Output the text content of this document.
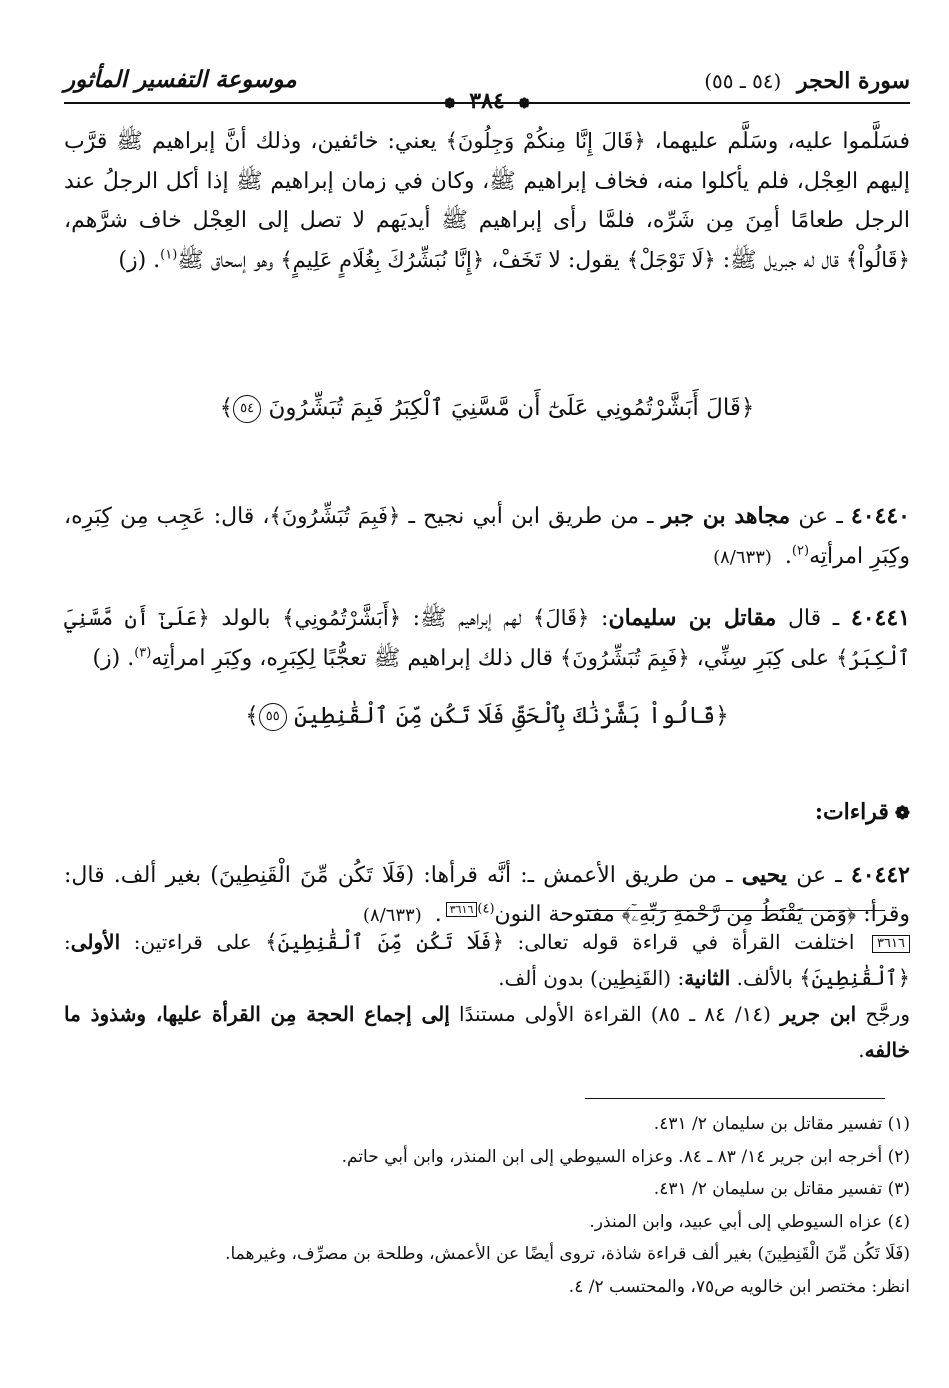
سورة الحجر (٥٤ ـ ٥٥)
❁ ٣٨٤ ❁
موسوعة التفسير المأثور

فسَلَّموا عليه، وسَلَّم عليهما، ﴿قَالَ إِنَّا مِنكُمْ وَجِلُونَ﴾ يعني: خائفين، وذلك أنَّ إبراهيم ﷺ قرَّب إليهم العِجْل، فلم يأكلوا منه، فخاف إبراهيم ﷺ، وكان في زمان إبراهيم ﷺ إذا أكل الرجلُ عند الرجل طعامًا أمِنَ مِن شَرِّه، فلمَّا رأى إبراهيم ﷺ أيديَهم لا تصل إلى العِجْل خاف شرَّهم، ﴿قَالُواْ﴾ قال له جبريل ﷺ: ﴿لَا تَوْجَلْ﴾ يقول: لا تَخَفْ، ﴿إِنَّا نُبَشِّرُكَ بِغُلَامٍ عَلِيمٍ﴾ وهو إسحاق ﷺ$^{(١)}$. (ز)

﴿قَالَ أَبَشَّرْتُمُونِي عَلَىٰٓ أَن مَّسَّنِيَ ٱلْكِبَرُ فَبِمَ تُبَشِّرُونَ ٥٤﴾

٤٠٤٤٠ ـ عن مجاهد بن جبر ـ من طريق ابن أبي نجيح ـ ﴿فَبِمَ تُبَشِّرُونَ﴾، قال: عَجِب مِن كِبَرِه، وكِبَرِ امرأتِه$^{(٢)}$. (٨/٦٣٣)

٤٠٤٤١ ـ قال مقاتل بن سليمان: ﴿قَالَ﴾ لهم إبراهيم ﷺ: ﴿أَبَشَّرْتُمُونِي﴾ بالولد ﴿عَلَىٰٓ أَن مَّسَّنِيَ ٱلْكِبَرُ﴾ على كِبَرِ سِنِّي، ﴿فَبِمَ تُبَشِّرُونَ﴾ قال ذلك إبراهيم ﷺ تعجُّبًا لِكِبَرِه، وكِبَرِ امرأتِه$^{(٣)}$. (ز)

﴿قَالُواْ بَشَّرْنَٰكَ بِٱلْحَقِّ فَلَا تَكُن مِّنَ ٱلْقَٰنِطِينَ ٥٥﴾

❁قراءات:

٤٠٤٤٢ ـ عن يحيى ـ من طريق الأعمش ـ: أنَّه قرأها: (فَلَا تَكُن مِّنَ الْقَنِطِينَ) بغير ألف. قال: وقرأ: ﴿وَمَن يَقْنَطُ مِن رَّحْمَةِ رَبِّهِۦٓ﴾ مفتوحة النون$^{(٤)}$٣٦١٦. (٨/٦٣٣)

٣٦١٦ اختلفت القرأة في قراءة قوله تعالى: ﴿فَلَا تَكُن مِّنَ ٱلْقَٰنِطِينَ﴾ على قراءتين: الأولى: ﴿ٱلْقَٰنِطِينَ﴾ بالألف. الثانية: (القَنِطِين) بدون ألف.

ورجَّح ابن جرير (١٤/ ٨٤ ـ ٨٥) القراءة الأولى مستندًا إلى إجماع الحجة مِن القرأة عليها، وشذوذ ما خالفه.

(١) تفسير مقاتل بن سليمان ٢/ ٤٣١.

(٢) أخرجه ابن جرير ١٤/ ٨٣ ـ ٨٤. وعزاه السيوطي إلى ابن المنذر، وابن أبي حاتم.

(٣) تفسير مقاتل بن سليمان ٢/ ٤٣١.

(٤) عزاه السيوطي إلى أبي عبيد، وابن المنذر.

(فَلَا تَكُن مِّنَ الْقَنِطِينَ) بغير ألف قراءة شاذة، تروى أيضًا عن الأعمش، وطلحة بن مصرِّف، وغيرهما.

انظر: مختصر ابن خالويه ص٧٥، والمحتسب ٢/ ٤.
